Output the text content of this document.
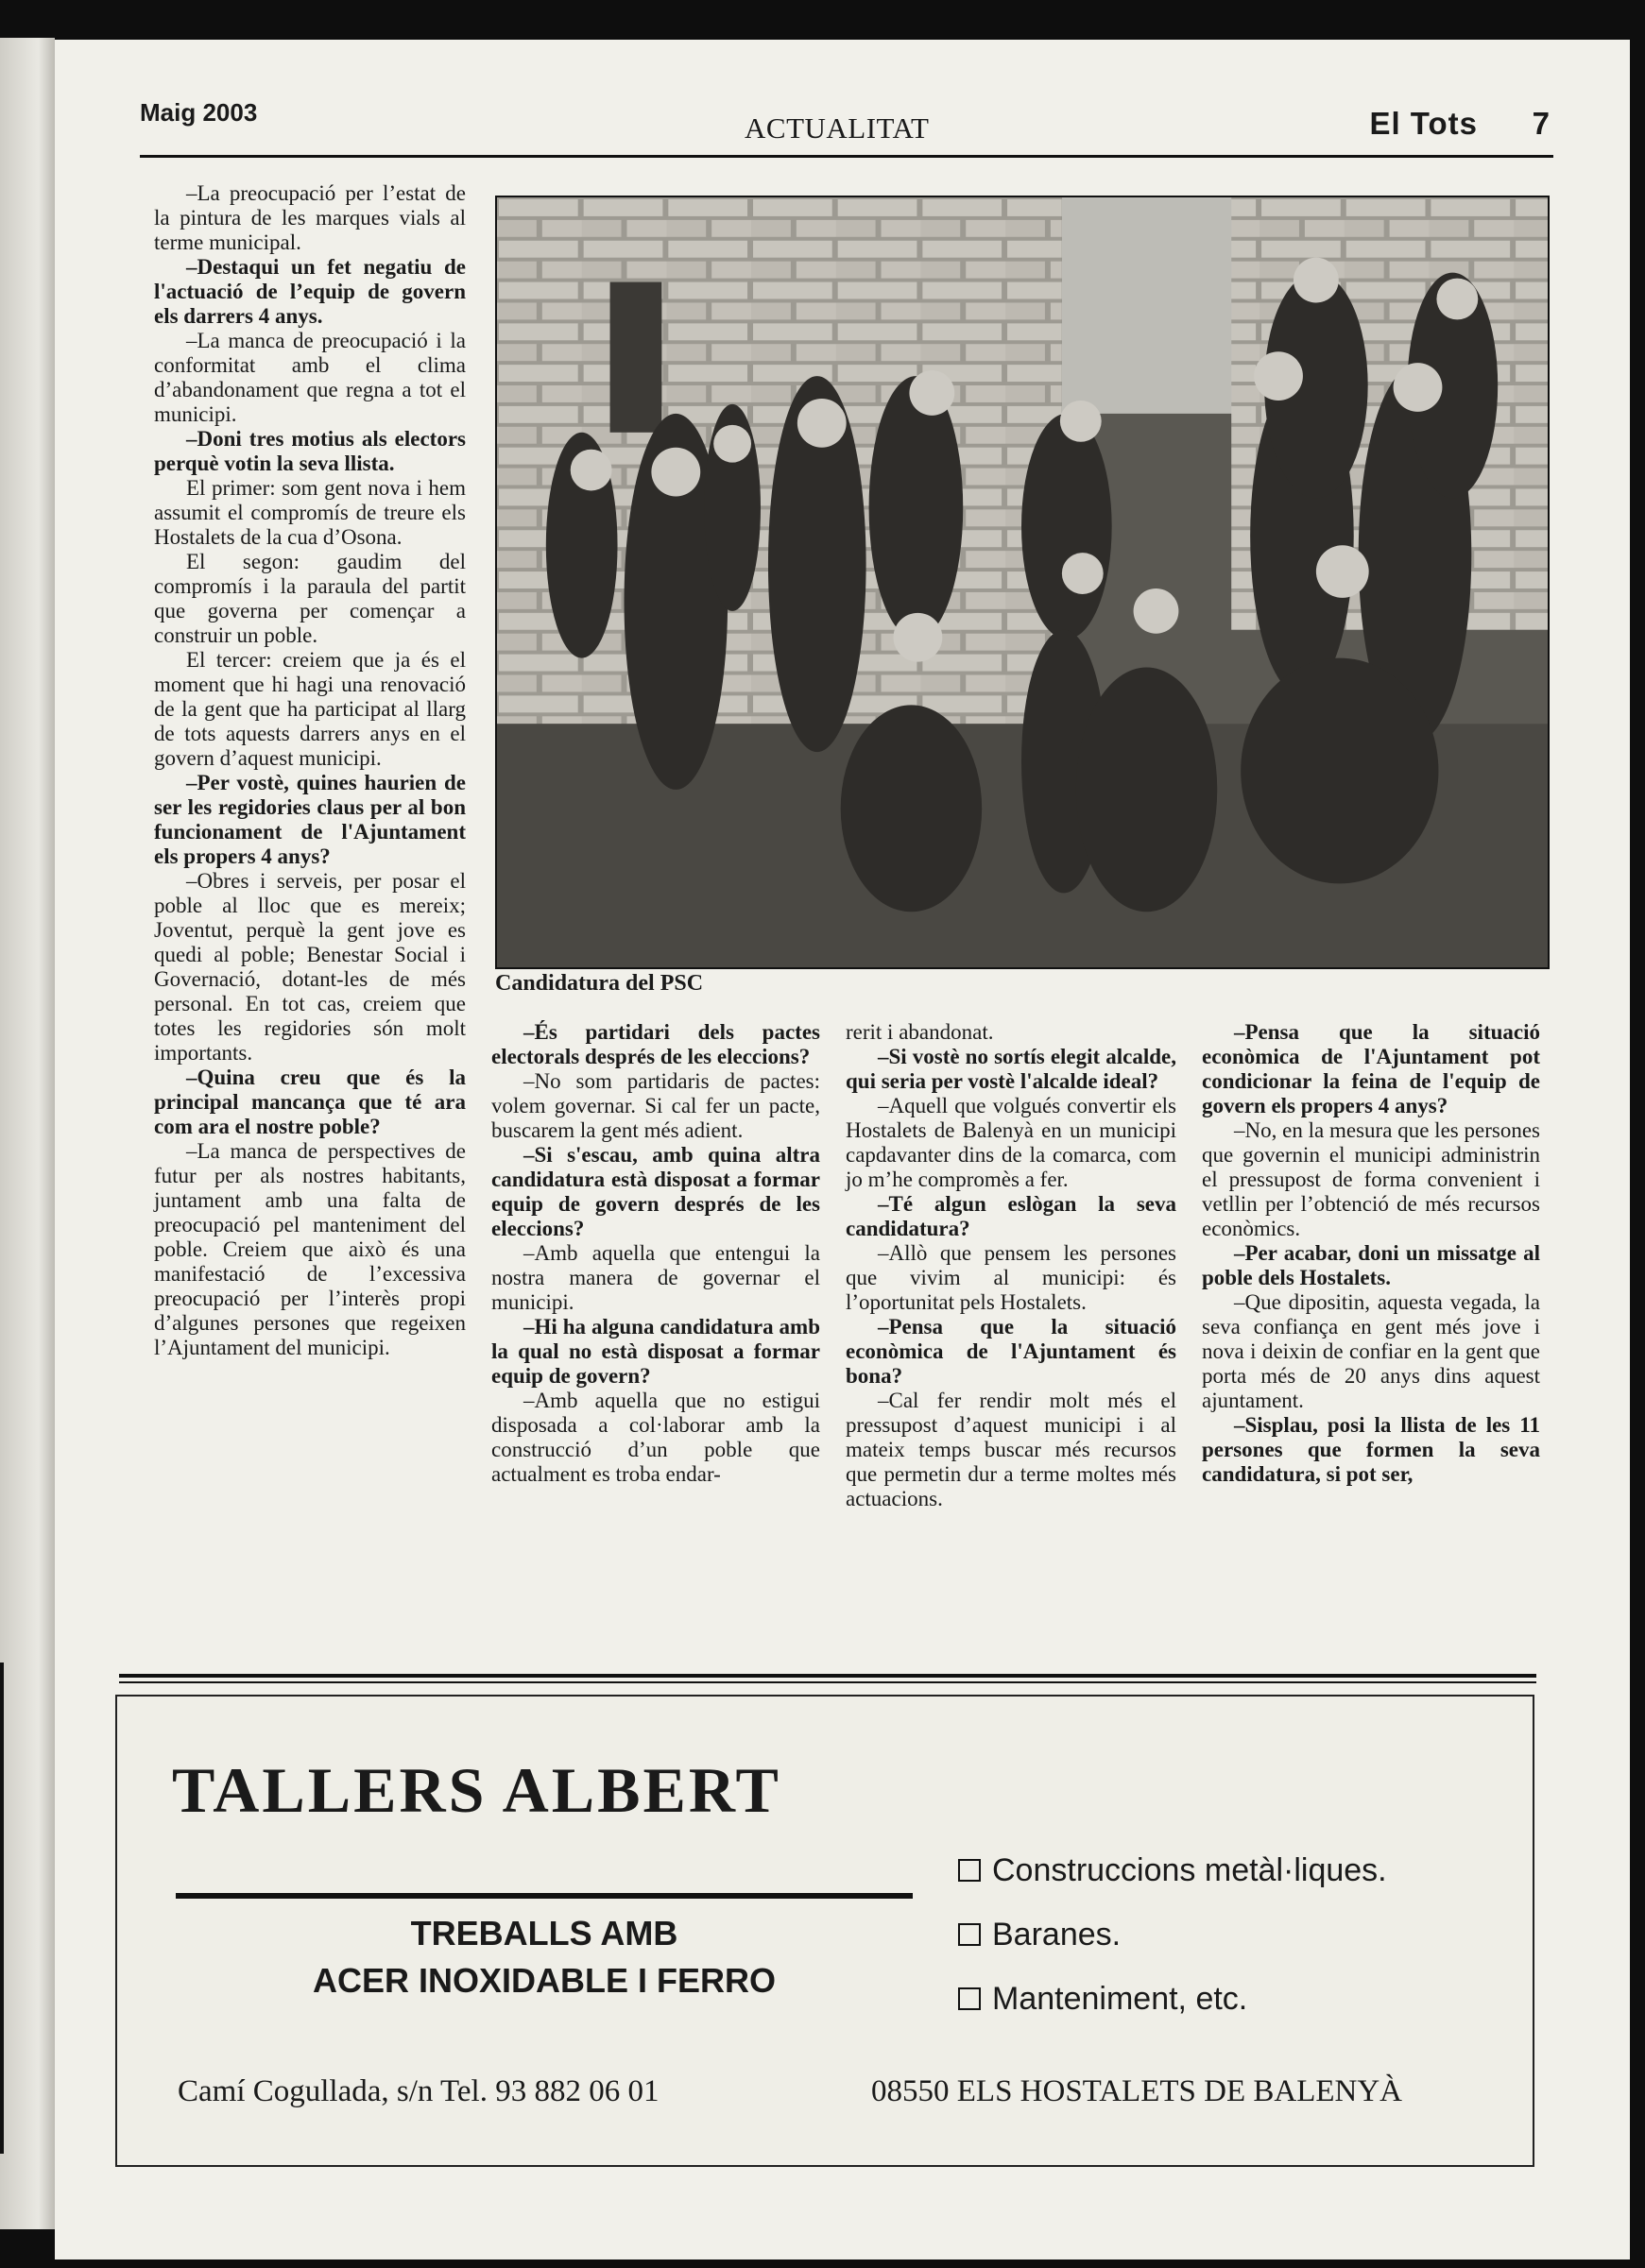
Maig 2003	ACTUALITAT	El Tots 7

–La preocupació per l’estat de la pintura de les marques vials al terme municipal.

–Destaqui un fet negatiu de l'actuació de l’equip de govern els darrers 4 anys.

–La manca de preocupació i la conformitat amb el clima d’abandonament que regna a tot el municipi.

–Doni tres motius als electors perquè votin la seva llista.

El primer: som gent nova i hem assumit el compromís de treure els Hostalets de la cua d’Osona.

El segon: gaudim del compromís i la paraula del partit que governa per començar a construir un poble.

El tercer: creiem que ja és el moment que hi hagi una renovació de la gent que ha participat al llarg de tots aquests darrers anys en el govern d’aquest municipi.

–Per vostè, quines haurien de ser les regidories claus per al bon funcionament de l'Ajuntament els propers 4 anys?

–Obres i serveis, per posar el poble al lloc que es mereix; Joventut, perquè la gent jove es quedi al poble; Benestar Social i Governació, dotant-les de més personal. En tot cas, creiem que totes les regidories són molt importants.

–Quina creu que és la principal mancança que té ara com ara el nostre poble?

–La manca de perspectives de futur per als nostres habitants, juntament amb una falta de preocupació pel manteniment del poble. Creiem que això és una manifestació de l’excessiva preocupació per l’interès propi d’algunes persones que regeixen l’Ajuntament del municipi.

Candidatura del PSC

–És partidari dels pactes electorals després de les eleccions?

–No som partidaris de pactes: volem governar. Si cal fer un pacte, buscarem la gent més adient.

–Si s'escau, amb quina altra candidatura està disposat a formar equip de govern després de les eleccions?

–Amb aquella que entengui la nostra manera de governar el municipi.

–Hi ha alguna candidatura amb la qual no està disposat a formar equip de govern?

–Amb aquella que no estigui disposada a col·laborar amb la construcció d’un poble que actualment es troba endar-

rerit i abandonat.

–Si vostè no sortís elegit alcalde, qui seria per vostè l'alcalde ideal?

–Aquell que volgués convertir els Hostalets de Balenyà en un municipi capdavanter dins de la comarca, com jo m’he compromès a fer.

–Té algun eslògan la seva candidatura?

–Allò que pensem les persones que vivim al municipi: és l’oportunitat pels Hostalets.

–Pensa que la situació econòmica de l'Ajuntament és bona?

–Cal fer rendir molt més el pressupost d’aquest municipi i al mateix temps buscar més recursos que permetin dur a terme moltes més actuacions.

–Pensa que la situació econòmica de l'Ajuntament pot condicionar la feina de l'equip de govern els propers 4 anys?

–No, en la mesura que les persones que governin el municipi administrin el pressupost de forma convenient i vetllin per l’obtenció de més recursos econòmics.

–Per acabar, doni un missatge al poble dels Hostalets.

–Que dipositin, aquesta vegada, la seva confiança en gent més jove i nova i deixin de confiar en la gent que porta més de 20 anys dins aquest ajuntament.

–Sisplau, posi la llista de les 11 persones que formen la seva candidatura, si pot ser,

TALLERS ALBERT
TREBALLS AMB
ACER INOXIDABLE I FERRO
Construccions metàl·liques.
Baranes.
Manteniment, etc.
Camí Cogullada, s/n Tel. 93 882 06 01	08550 ELS HOSTALETS DE BALENYÀ
